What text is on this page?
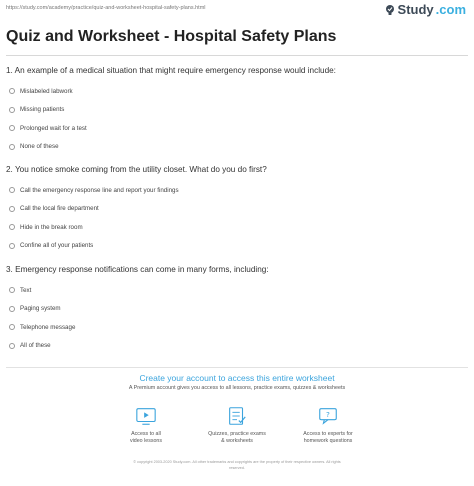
https://study.com/academy/practice/quiz-and-worksheet-hospital-safety-plans.html	Study .com
Quiz and Worksheet - Hospital Safety Plans

1. An example of a medical situation that might require emergency response would include:

Mislabeled labwork
Missing patients
Prolonged wait for a test
None of these

2. You notice smoke coming from the utility closet. What do you do first?

Call the emergency response line and report your findings
Call the local fire department
Hide in the break room
Confine all of your patients

3. Emergency response notifications can come in many forms, including:

Text
Paging system
Telephone message
All of these
Create your account to access this entire worksheet
A Premium account gives you access to all lessons, practice exams, quizzes & worksheets
Access to all
video lessons
Quizzes, practice exams
& worksheets
?
Access to experts for
homework questions
© copyright 2003-2020 Study.com. All other trademarks and copyrights are the property of their respective owners. All rights
reserved.
